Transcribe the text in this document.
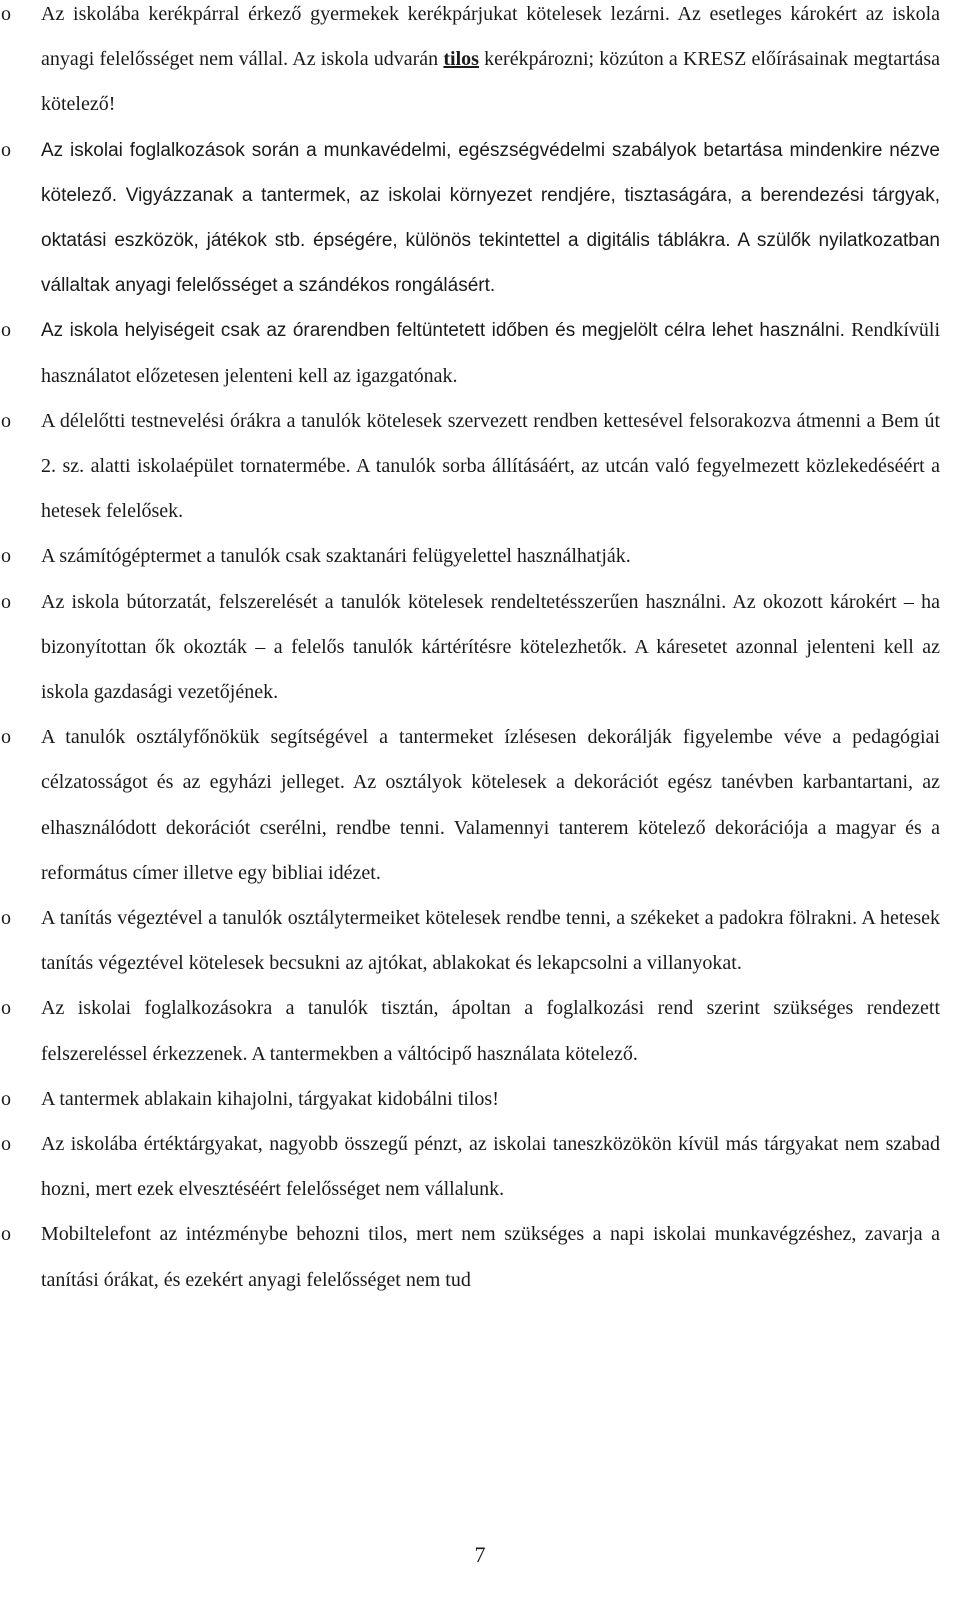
o	Az iskolába kerékpárral érkező gyermekek kerékpárjukat kötelesek lezárni. Az esetleges károkért az iskola anyagi felelősséget nem vállal. Az iskola udvarán tilos kerékpározni; közúton a KRESZ előírásainak megtartása kötelező!
o	Az iskolai foglalkozások során a munkavédelmi, egészségvédelmi szabályok betartása mindenkire nézve kötelező. Vigyázzanak a tantermek, az iskolai környezet rendjére, tisztaságára, a berendezési tárgyak, oktatási eszközök, játékok stb. épségére, különös tekintettel a digitális táblákra. A szülők nyilatkozatban vállaltak anyagi felelősséget a szándékos rongálásért.
o	Az iskola helyiségeit csak az órarendben feltüntetett időben és megjelölt célra lehet használni. Rendkívüli használatot előzetesen jelenteni kell az igazgatónak.
o	A délelőtti testnevelési órákra a tanulók kötelesek szervezett rendben kettesével felsorakozva átmenni a Bem út 2. sz. alatti iskolaépület tornatermébe. A tanulók sorba állításáért, az utcán való fegyelmezett közlekedéséért a hetesek felelősek.
o	A számítógéptermet a tanulók csak szaktanári felügyelettel használhatják.
o	Az iskola bútorzatát, felszerelését a tanulók kötelesek rendeltetésszerűen használni. Az okozott károkért – ha bizonyítottan ők okozták – a felelős tanulók kártérítésre kötelezhetők. A káresetet azonnal jelenteni kell az iskola gazdasági vezetőjének.
o	A tanulók osztályfőnökük segítségével a tantermeket ízlésesen dekorálják figyelembe véve a pedagógiai célzatosságot és az egyházi jelleget. Az osztályok kötelesek a dekorációt egész tanévben karbantartani, az elhasználódott dekorációt cserélni, rendbe tenni. Valamennyi tanterem kötelező dekorációja a magyar és a református címer illetve egy bibliai idézet.
o	A tanítás végeztével a tanulók osztálytermeiket kötelesek rendbe tenni, a székeket a padokra fölrakni. A hetesek tanítás végeztével kötelesek becsukni az ajtókat, ablakokat és lekapcsolni a villanyokat.
o	Az iskolai foglalkozásokra a tanulók tisztán, ápoltan a foglalkozási rend szerint szükséges rendezett felszereléssel érkezzenek. A tantermekben a váltócipő használata kötelező.
o	A tantermek ablakain kihajolni, tárgyakat kidobálni tilos!
o	Az iskolába értéktárgyakat, nagyobb összegű pénzt, az iskolai taneszközökön kívül más tárgyakat nem szabad hozni, mert ezek elvesztéséért felelősséget nem vállalunk.
o	Mobiltelefont az intézménybe behozni tilos, mert nem szükséges a napi iskolai munkavégzéshez, zavarja a tanítási órákat, és ezekért anyagi felelősséget nem tud
7
